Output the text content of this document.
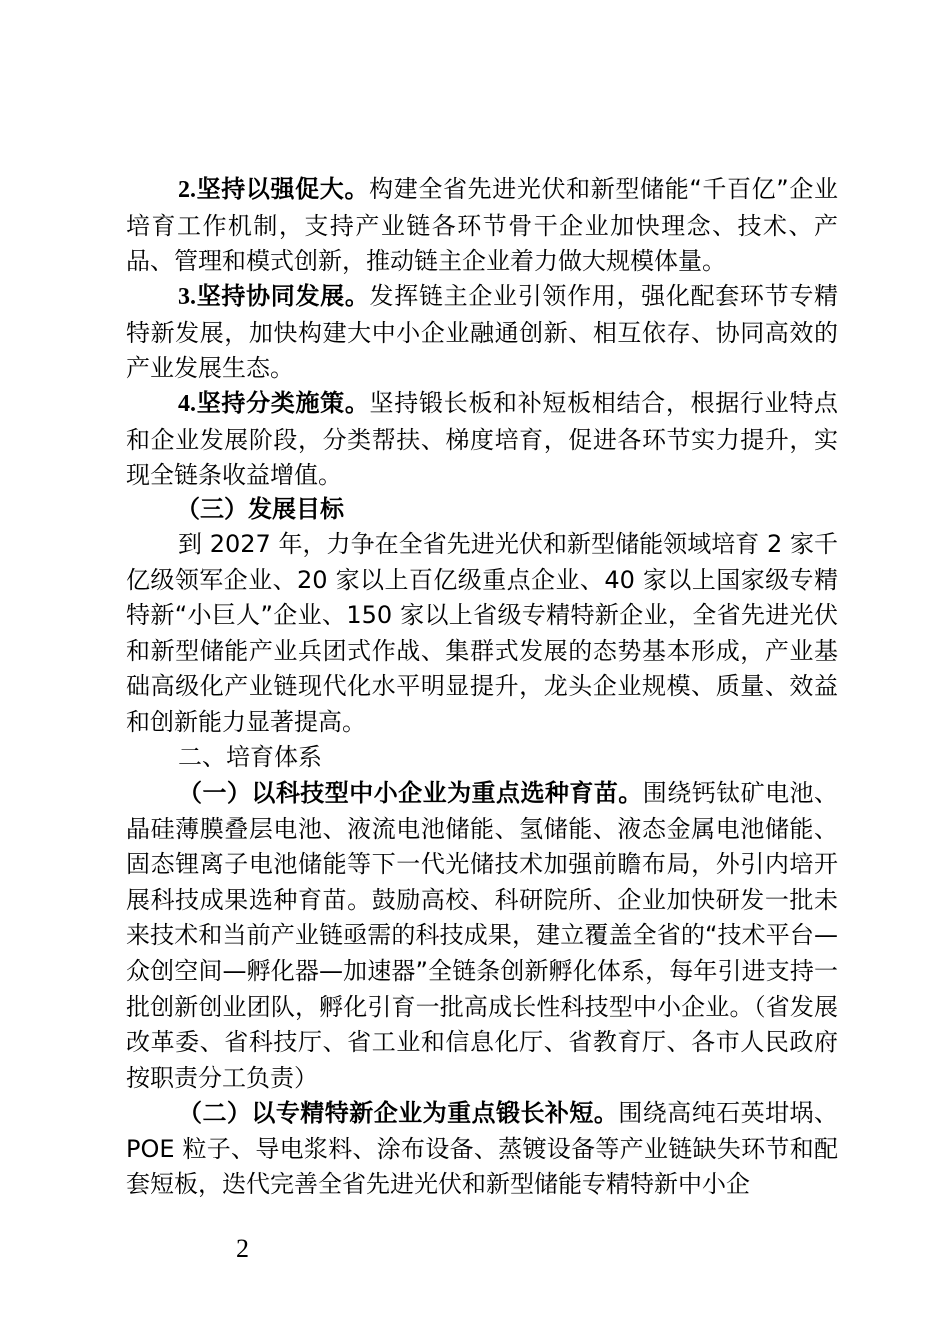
2.坚持以强促大。构建全省先进光伏和新型储能“千百亿”企业培育工作机制，支持产业链各环节骨干企业加快理念、技术、产品、管理和模式创新，推动链主企业着力做大规模体量。

3.坚持协同发展。发挥链主企业引领作用，强化配套环节专精特新发展，加快构建大中小企业融通创新、相互依存、协同高效的产业发展生态。

4.坚持分类施策。坚持锻长板和补短板相结合，根据行业特点和企业发展阶段，分类帮扶、梯度培育，促进各环节实力提升，实现全链条收益增值。

（三）发展目标

到 2027 年，力争在全省先进光伏和新型储能领域培育 2 家千亿级领军企业、20 家以上百亿级重点企业、40 家以上国家级专精特新“小巨人”企业、150 家以上省级专精特新企业，全省先进光伏和新型储能产业兵团式作战、集群式发展的态势基本形成，产业基础高级化产业链现代化水平明显提升，龙头企业规模、质量、效益和创新能力显著提高。

二、培育体系

（一）以科技型中小企业为重点选种育苗。围绕钙钛矿电池、晶硅薄膜叠层电池、液流电池储能、氢储能、液态金属电池储能、固态锂离子电池储能等下一代光储技术加强前瞻布局，外引内培开展科技成果选种育苗。鼓励高校、科研院所、企业加快研发一批未来技术和当前产业链亟需的科技成果，建立覆盖全省的“技术平台—众创空间—孵化器—加速器”全链条创新孵化体系，每年引进支持一批创新创业团队，孵化引育一批高成长性科技型中小企业。（省发展改革委、省科技厅、省工业和信息化厅、省教育厅、各市人民政府按职责分工负责）

（二）以专精特新企业为重点锻长补短。围绕高纯石英坩埚、POE 粒子、导电浆料、涂布设备、蒸镀设备等产业链缺失环节和配套短板，迭代完善全省先进光伏和新型储能专精特新中小企

2
